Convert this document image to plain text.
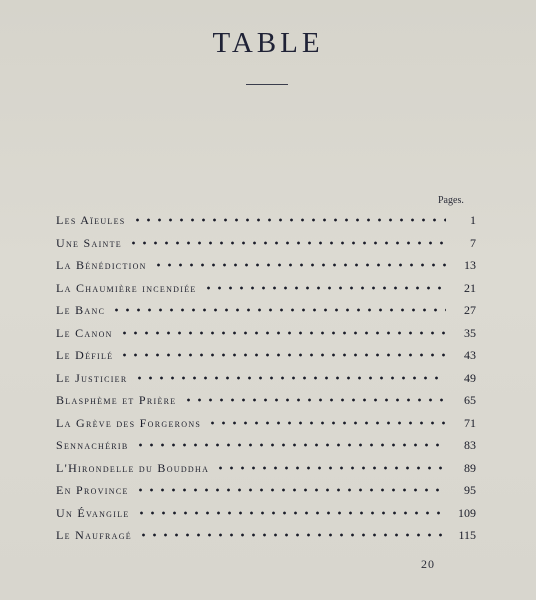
TABLE
Pages.
Les Aïeules	1
Une Sainte	7
La Bénédiction	13
La Chaumière incendiée	21
Le Banc	27
Le Canon	35
Le Défilé	43
Le Justicier	49
Blasphème et Prière	65
La Grève des Forgerons	71
Sennachérib	83
L'Hirondelle du Bouddha	89
En Province	95
Un Évangile	109
Le Naufragé	115
20
